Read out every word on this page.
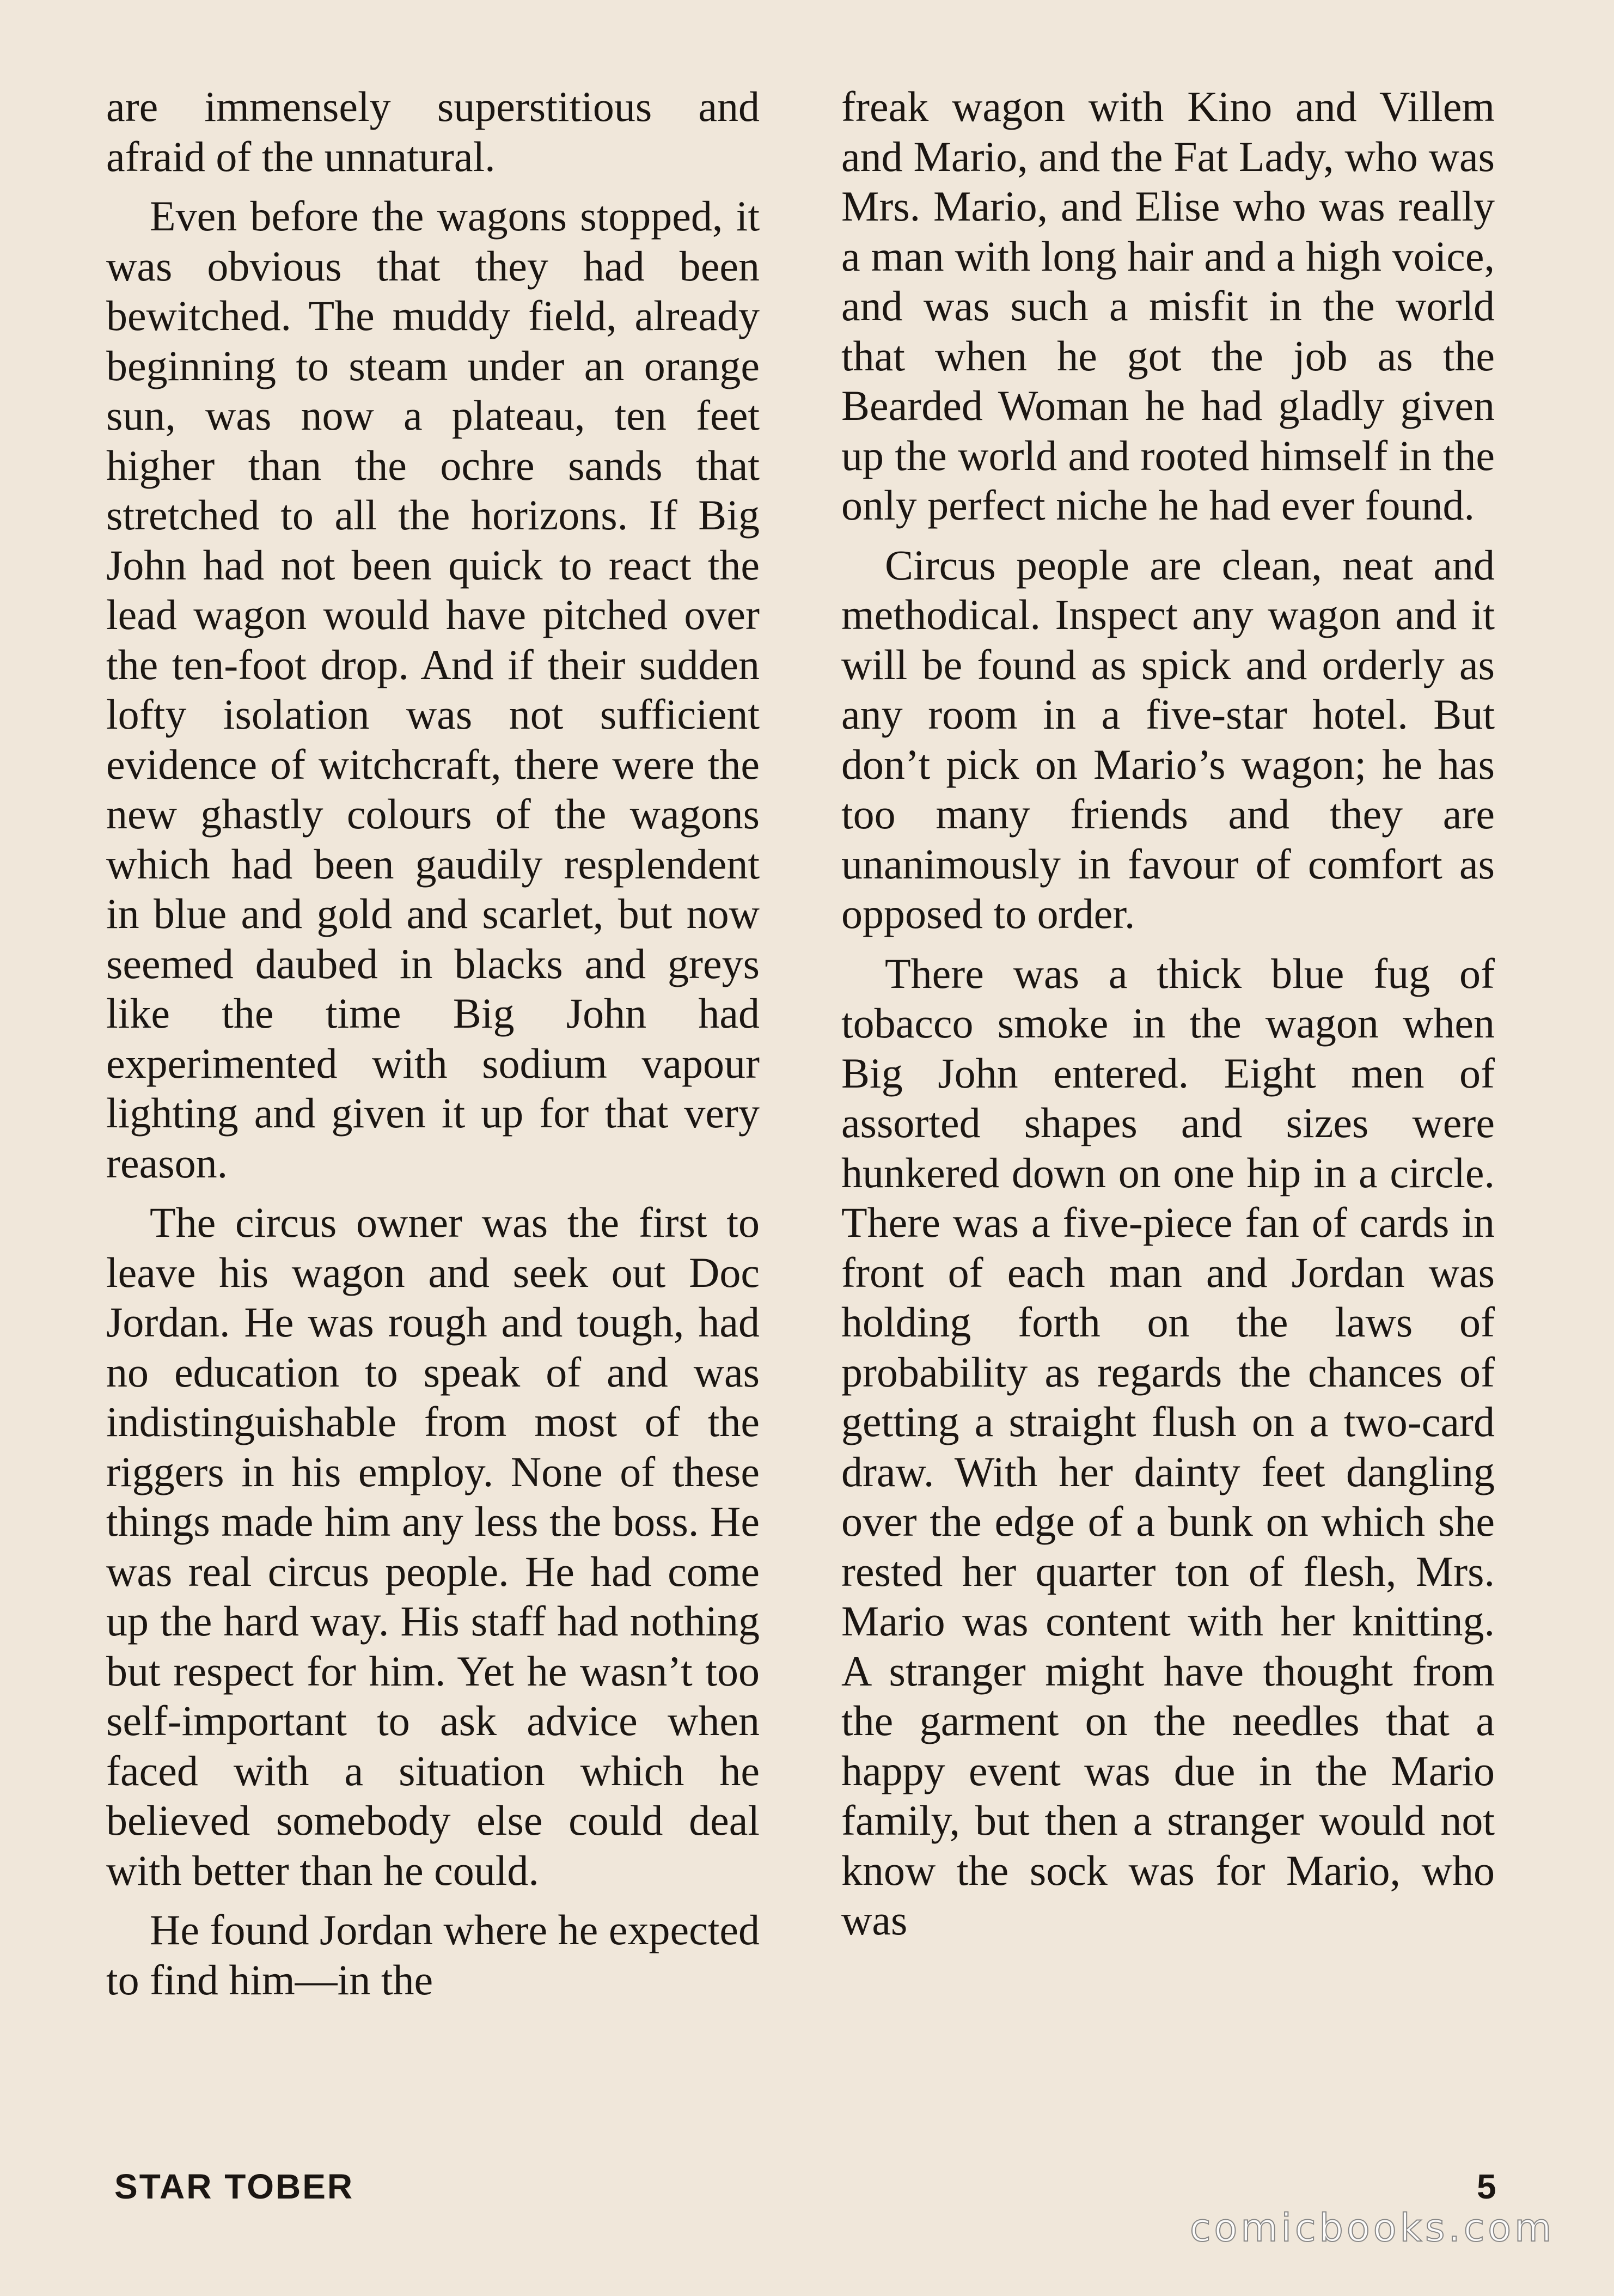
are immensely superstitious and afraid of the unnatural.

Even before the wagons stopped, it was obvious that they had been bewitched. The muddy field, already beginning to steam under an orange sun, was now a plateau, ten feet higher than the ochre sands that stretched to all the horizons. If Big John had not been quick to react the lead wagon would have pitched over the ten-foot drop. And if their sudden lofty isolation was not sufficient evidence of witchcraft, there were the new ghastly colours of the wagons which had been gaudily resplendent in blue and gold and scarlet, but now seemed daubed in blacks and greys like the time Big John had experimented with sodium vapour lighting and given it up for that very reason.

The circus owner was the first to leave his wagon and seek out Doc Jordan. He was rough and tough, had no education to speak of and was indistinguishable from most of the riggers in his employ. None of these things made him any less the boss. He was real circus people. He had come up the hard way. His staff had nothing but respect for him. Yet he wasn’t too self-important to ask advice when faced with a situation which he believed somebody else could deal with better than he could.

He found Jordan where he expected to find him—in the

freak wagon with Kino and Villem and Mario, and the Fat Lady, who was Mrs. Mario, and Elise who was really a man with long hair and a high voice, and was such a misfit in the world that when he got the job as the Bearded Woman he had gladly given up the world and rooted himself in the only perfect niche he had ever found.

Circus people are clean, neat and methodical. Inspect any wagon and it will be found as spick and orderly as any room in a five-star hotel. But don’t pick on Mario’s wagon; he has too many friends and they are unanimously in favour of comfort as opposed to order.

There was a thick blue fug of tobacco smoke in the wagon when Big John entered. Eight men of assorted shapes and sizes were hunkered down on one hip in a circle. There was a five-piece fan of cards in front of each man and Jordan was holding forth on the laws of probability as regards the chances of getting a straight flush on a two-card draw. With her dainty feet dangling over the edge of a bunk on which she rested her quarter ton of flesh, Mrs. Mario was content with her knitting. A stranger might have thought from the garment on the needles that a happy event was due in the Mario family, but then a stranger would not know the sock was for Mario, who was

STAR TOBER	5
comicbooks.com
